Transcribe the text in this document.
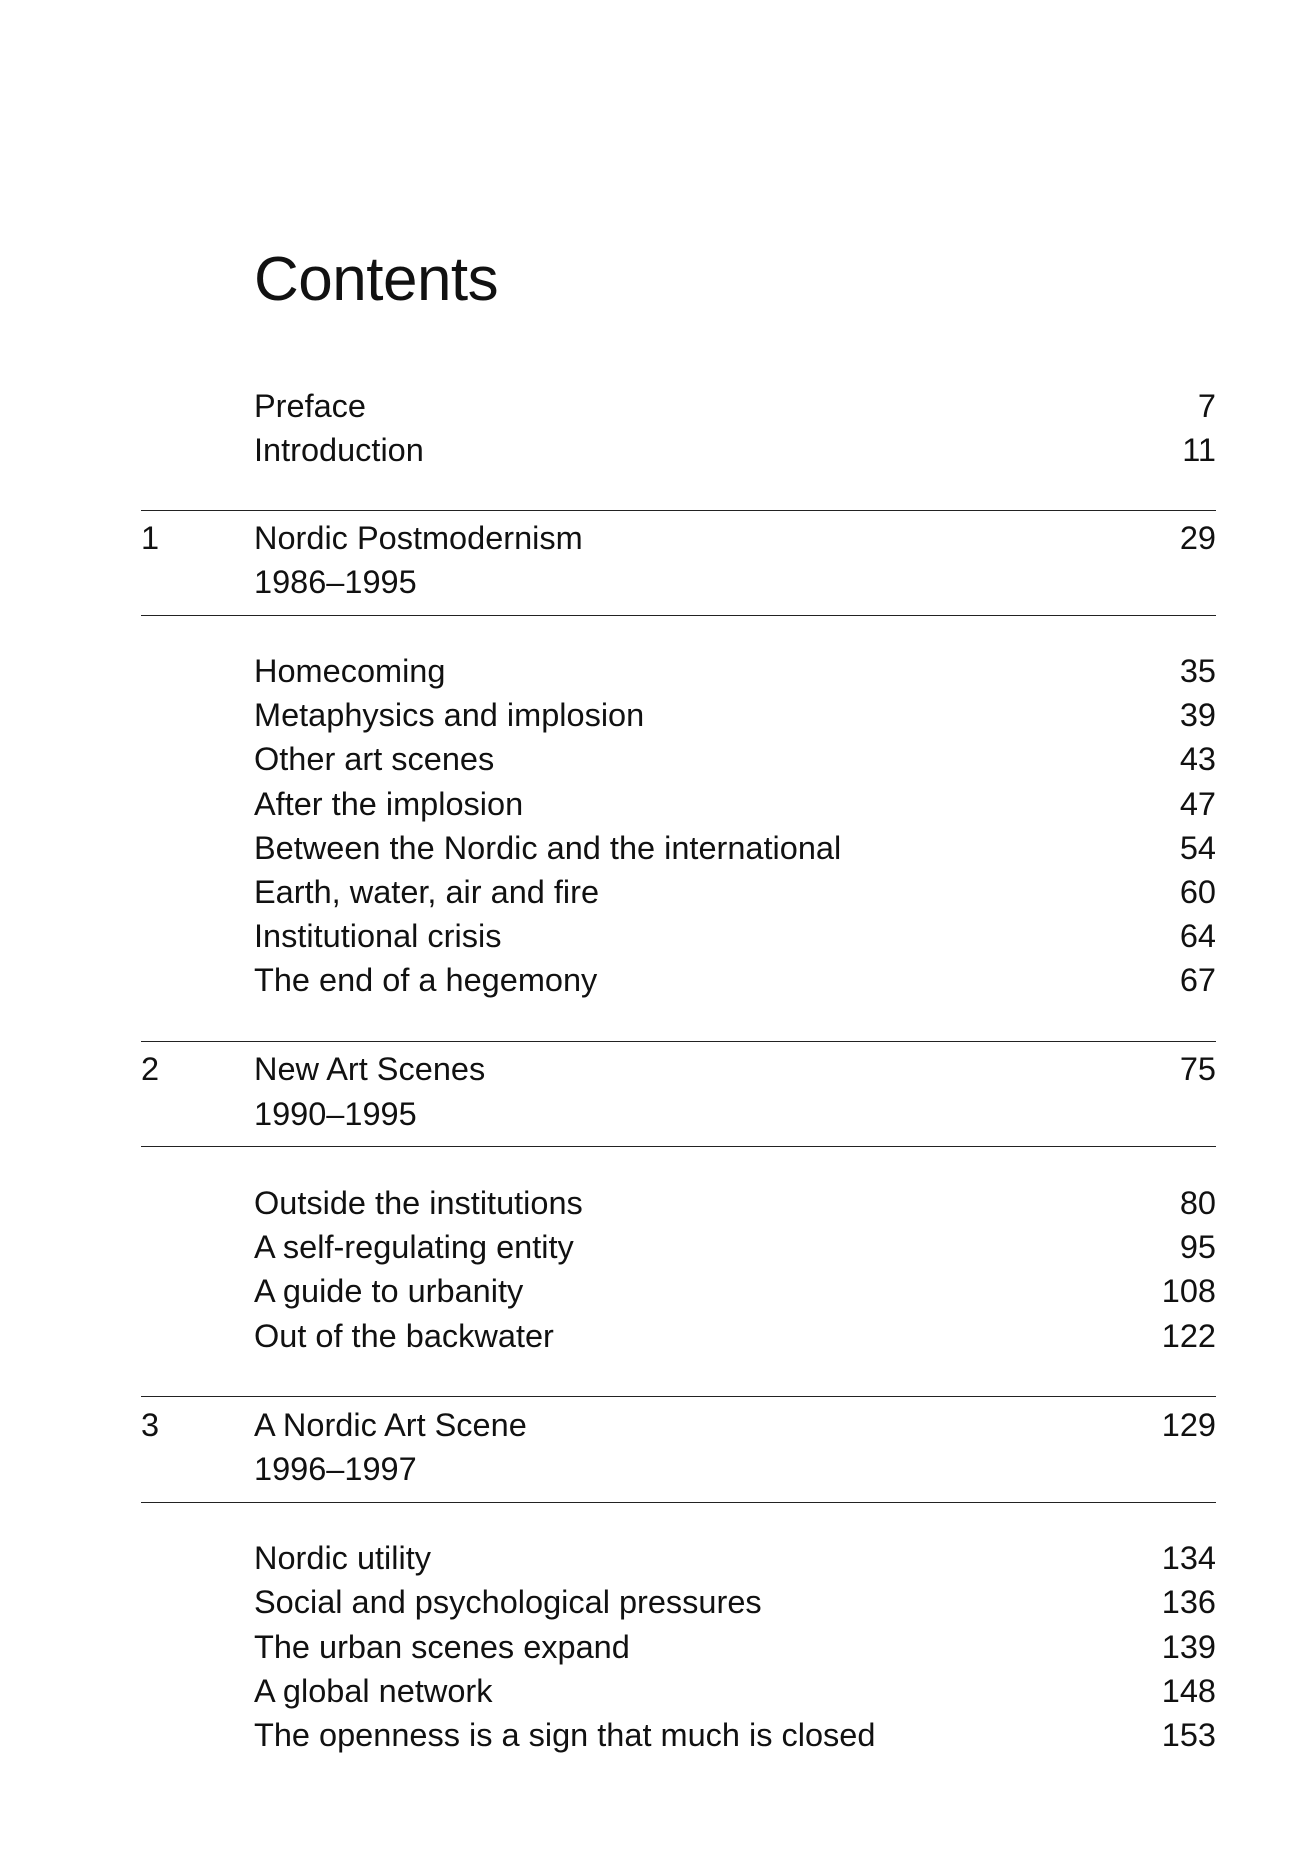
Contents
Preface	7
Introduction	11
1	Nordic Postmodernism	29
1986–1995
Homecoming	35
Metaphysics and implosion	39
Other art scenes	43
After the implosion	47
Between the Nordic and the international	54
Earth, water, air and fire	60
Institutional crisis	64
The end of a hegemony	67
2	New Art Scenes	75
1990–1995
Outside the institutions	80
A self-regulating entity	95
A guide to urbanity	108
Out of the backwater	122
3	A Nordic Art Scene	129
1996–1997
Nordic utility	134
Social and psychological pressures	136
The urban scenes expand	139
A global network	148
The openness is a sign that much is closed	153
